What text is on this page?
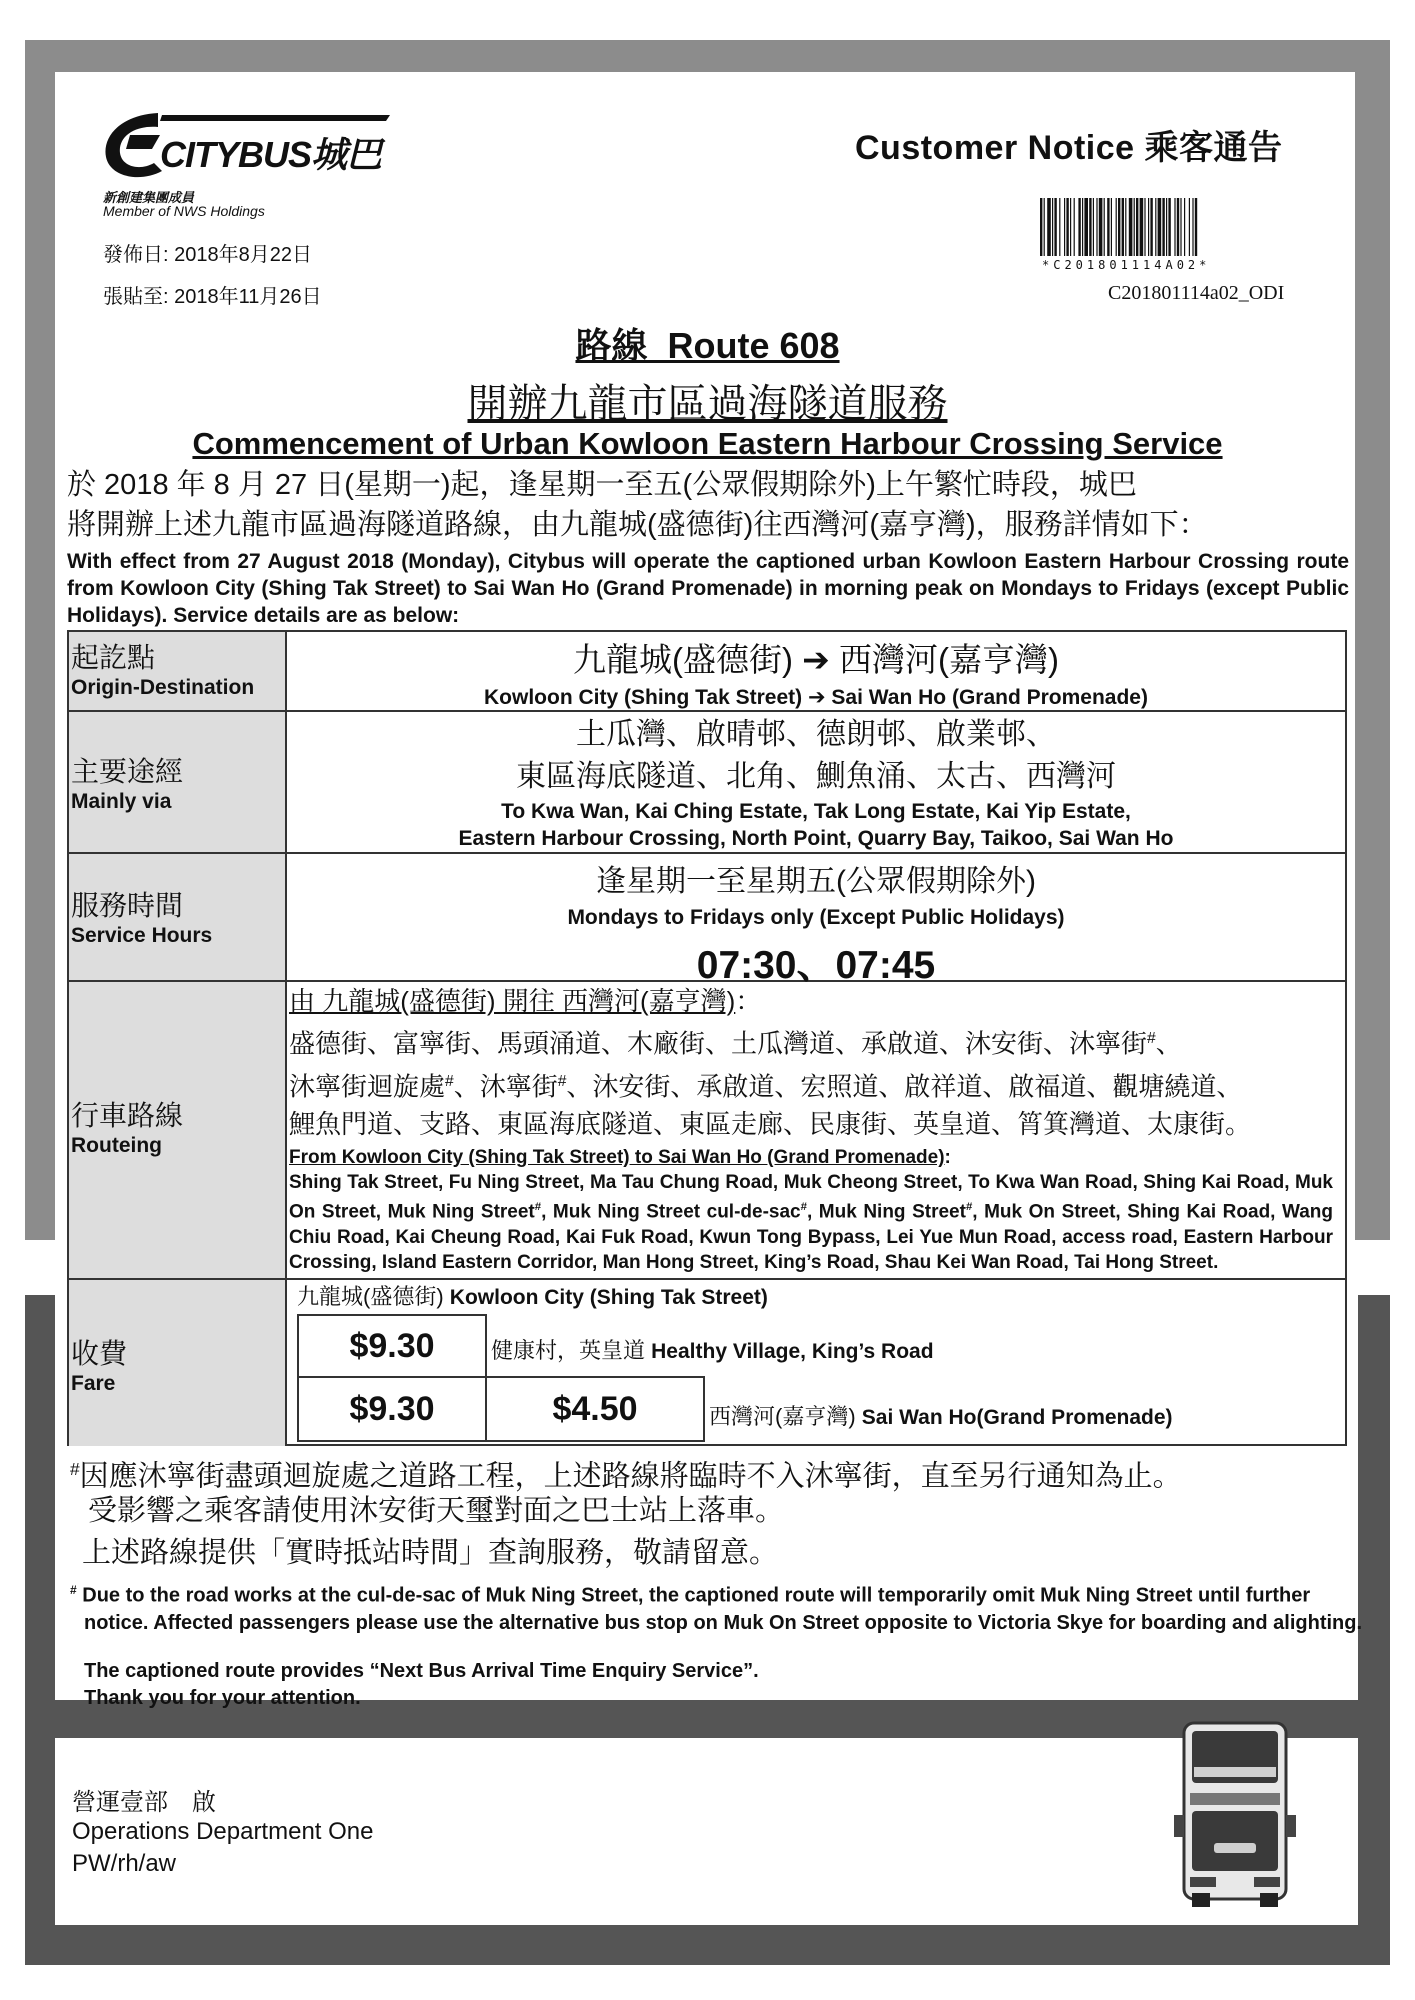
CITYBUS城巴
新創建集團成員
Member of NWS Holdings
發佈日: 2018年8月22日
張貼至: 2018年11月26日
Customer Notice 乘客通告
*C201801114A02*
C201801114a02_ODI
路線  Route 608
開辦九龍市區過海隧道服務
Commencement of Urban Kowloon Eastern Harbour Crossing Service
於 2018 年 8 月 27 日(星期一)起，逢星期一至五(公眾假期除外)上午繁忙時段，城巴
將開辦上述九龍市區過海隧道路線，由九龍城(盛德街)往西灣河(嘉亨灣)，服務詳情如下：
With effect from 27 August 2018 (Monday), Citybus will operate the captioned urban Kowloon Eastern Harbour Crossing route from Kowloon City (Shing Tak Street) to Sai Wan Ho (Grand Promenade) in morning peak on Mondays to Fridays (except Public Holidays). Service details are as below:
起訖點
Origin-Destination
九龍城(盛德街) ➔ 西灣河(嘉亨灣)
Kowloon City (Shing Tak Street) ➔ Sai Wan Ho (Grand Promenade)
主要途經
Mainly via
土瓜灣、啟晴邨、德朗邨、啟業邨、
東區海底隧道、北角、鰂魚涌、太古、西灣河
To Kwa Wan, Kai Ching Estate, Tak Long Estate, Kai Yip Estate,
Eastern Harbour Crossing, North Point, Quarry Bay, Taikoo, Sai Wan Ho
服務時間
Service Hours
逢星期一至星期五(公眾假期除外)
Mondays to Fridays only (Except Public Holidays)
07:30、07:45
行車路線
Routeing
由 九龍城(盛德街) 開往 西灣河(嘉亨灣)：
盛德街、富寧街、馬頭涌道、木廠街、土瓜灣道、承啟道、沐安街、沐寧街#、
沐寧街迴旋處#、沐寧街#、沐安街、承啟道、宏照道、啟祥道、啟福道、觀塘繞道、
鯉魚門道、支路、東區海底隧道、東區走廊、民康街、英皇道、筲箕灣道、太康街。
From Kowloon City (Shing Tak Street) to Sai Wan Ho (Grand Promenade):
Shing Tak Street, Fu Ning Street, Ma Tau Chung Road, Muk Cheong Street, To Kwa Wan Road, Shing Kai Road, Muk On Street, Muk Ning Street#, Muk Ning Street cul-de-sac#, Muk Ning Street#, Muk On Street, Shing Kai Road, Wang Chiu Road, Kai Cheung Road, Kai Fuk Road, Kwun Tong Bypass, Lei Yue Mun Road, access road, Eastern Harbour Crossing, Island Eastern Corridor, Man Hong Street, King’s Road, Shau Kei Wan Road, Tai Hong Street.
收費
Fare
九龍城(盛德街) Kowloon City (Shing Tak Street)
$9.30	健康村，英皇道 Healthy Village, King’s Road
$9.30	$4.50	西灣河(嘉亨灣) Sai Wan Ho(Grand Promenade)
#因應沐寧街盡頭迴旋處之道路工程，上述路線將臨時不入沐寧街，直至另行通知為止。
受影響之乘客請使用沐安街天璽對面之巴士站上落車。
上述路線提供「實時抵站時間」查詢服務，敬請留意。
# Due to the road works at the cul-de-sac of Muk Ning Street, the captioned route will temporarily omit Muk Ning Street until further notice. Affected passengers please use the alternative bus stop on Muk On Street opposite to Victoria Skye for boarding and alighting.
The captioned route provides “Next Bus Arrival Time Enquiry Service”.
Thank you for your attention.
營運壹部　啟
Operations Department One
PW/rh/aw
